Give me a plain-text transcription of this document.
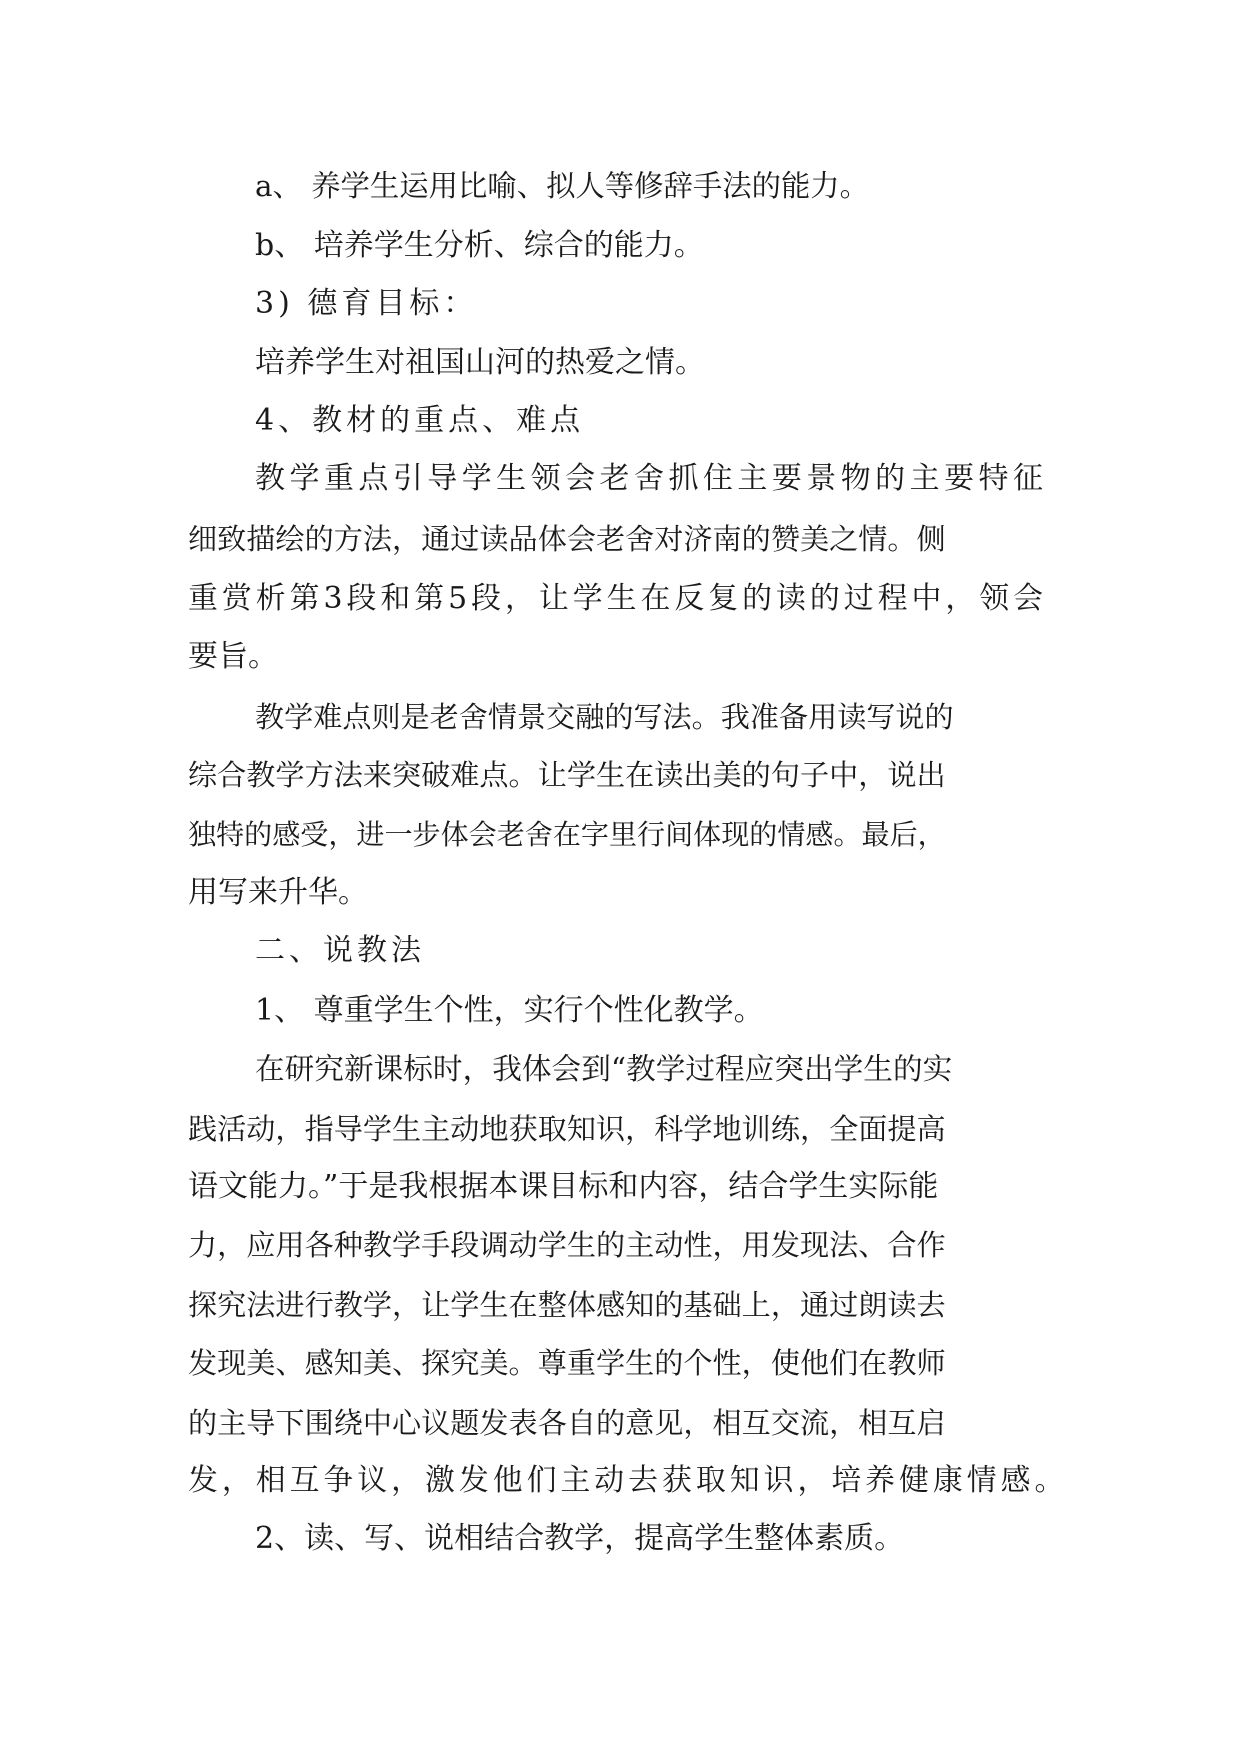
a、 养学生运用比喻、拟人等修辞手法的能力。
b、 培养学生分析、综合的能力。
3) 德育目标：
培养学生对祖国山河的热爱之情。
4、教材的重点、难点
教学重点引导学生领会老舍抓住主要景物的主要特征
细致描绘的方法，通过读品体会老舍对济南的赞美之情。侧
重赏析第3段和第5段，让学生在反复的读的过程中，领会
要旨。
教学难点则是老舍情景交融的写法。我准备用读写说的
综合教学方法来突破难点。让学生在读出美的句子中，说出
独特的感受，进一步体会老舍在字里行间体现的情感。最后，
用写来升华。
二、说教法
1、 尊重学生个性，实行个性化教学。
在研究新课标时，我体会到“教学过程应突出学生的实
践活动，指导学生主动地获取知识，科学地训练，全面提高
语文能力。”于是我根据本课目标和内容，结合学生实际能
力，应用各种教学手段调动学生的主动性，用发现法、合作
探究法进行教学，让学生在整体感知的基础上，通过朗读去
发现美、感知美、探究美。尊重学生的个性，使他们在教师
的主导下围绕中心议题发表各自的意见，相互交流，相互启
发，相互争议，激发他们主动去获取知识，培养健康情感。
2、读、写、说相结合教学，提高学生整体素质。
